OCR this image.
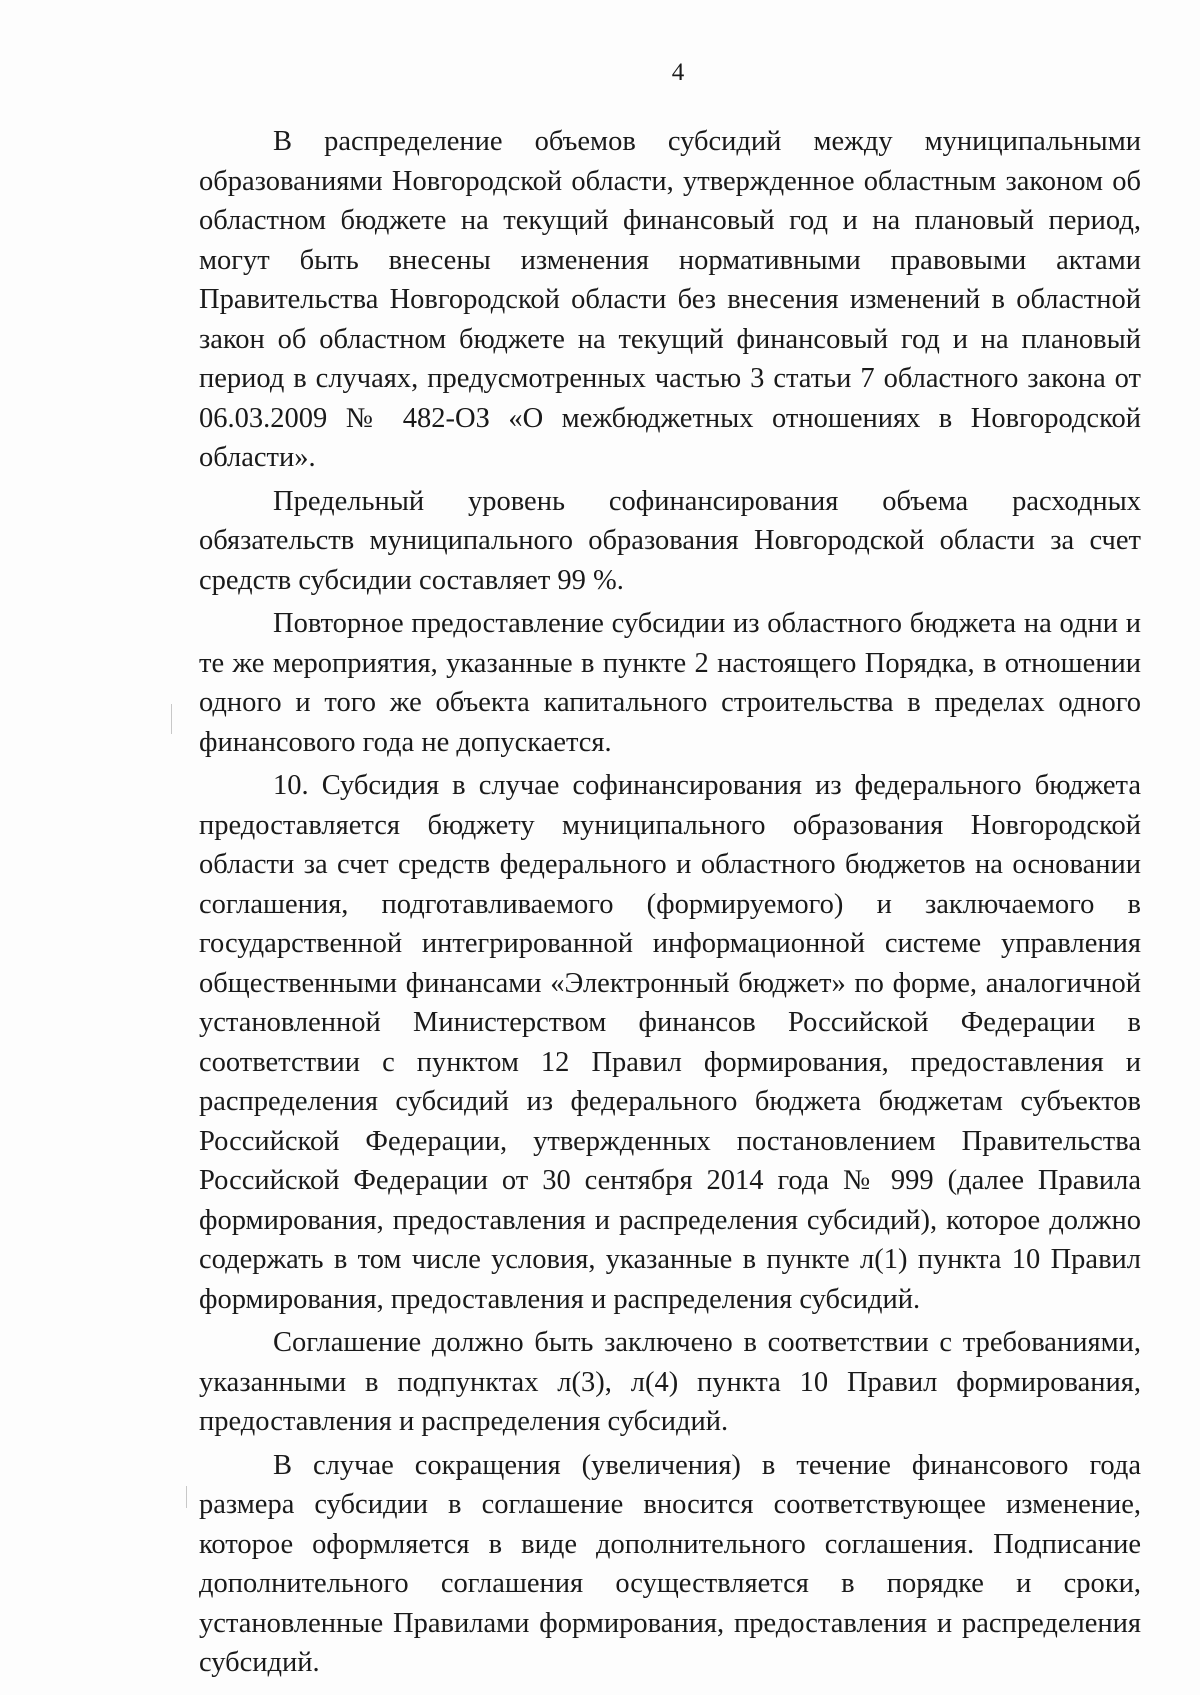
4

В распределение объемов субсидий между муниципальными образованиями Новгородской области, утвержденное областным законом об областном бюджете на текущий финансовый год и на плановый период, могут быть внесены изменения нормативными правовыми актами Правительства Новгородской области без внесения изменений в областной закон об областном бюджете на текущий финансовый год и на плановый период в случаях, предусмотренных частью 3 статьи 7 областного закона от 06.03.2009 № 482-ОЗ «О межбюджетных отношениях в Новгородской области».

Предельный уровень софинансирования объема расходных обязательств муниципального образования Новгородской области за счет средств субсидии составляет 99 %.

Повторное предоставление субсидии из областного бюджета на одни и те же мероприятия, указанные в пункте 2 настоящего Порядка, в отношении одного и того же объекта капитального строительства в пределах одного финансового года не допускается.

10. Субсидия в случае софинансирования из федерального бюджета предоставляется бюджету муниципального образования Новгородской области за счет средств федерального и областного бюджетов на основании соглашения, подготавливаемого (формируемого) и заключаемого в государственной интегрированной информационной системе управления общественными финансами «Электронный бюджет» по форме, аналогичной установленной Министерством финансов Российской Федерации в соответствии с пунктом 12 Правил формирования, предоставления и распределения субсидий из федерального бюджета бюджетам субъектов Российской Федерации, утвержденных постановлением Правительства Российской Федерации от 30 сентября 2014 года № 999 (далее Правила формирования, предоставления и распределения субсидий), которое должно содержать в том числе условия, указанные в пункте л(1) пункта 10 Правил формирования, предоставления и распределения субсидий.

Соглашение должно быть заключено в соответствии с требованиями, указанными в подпунктах л(3), л(4) пункта 10 Правил формирования, предоставления и распределения субсидий.

В случае сокращения (увеличения) в течение финансового года размера субсидии в соглашение вносится соответствующее изменение, которое оформляется в виде дополнительного соглашения. Подписание дополнительного соглашения осуществляется в порядке и сроки, установленные Правилами формирования, предоставления и распределения субсидий.
